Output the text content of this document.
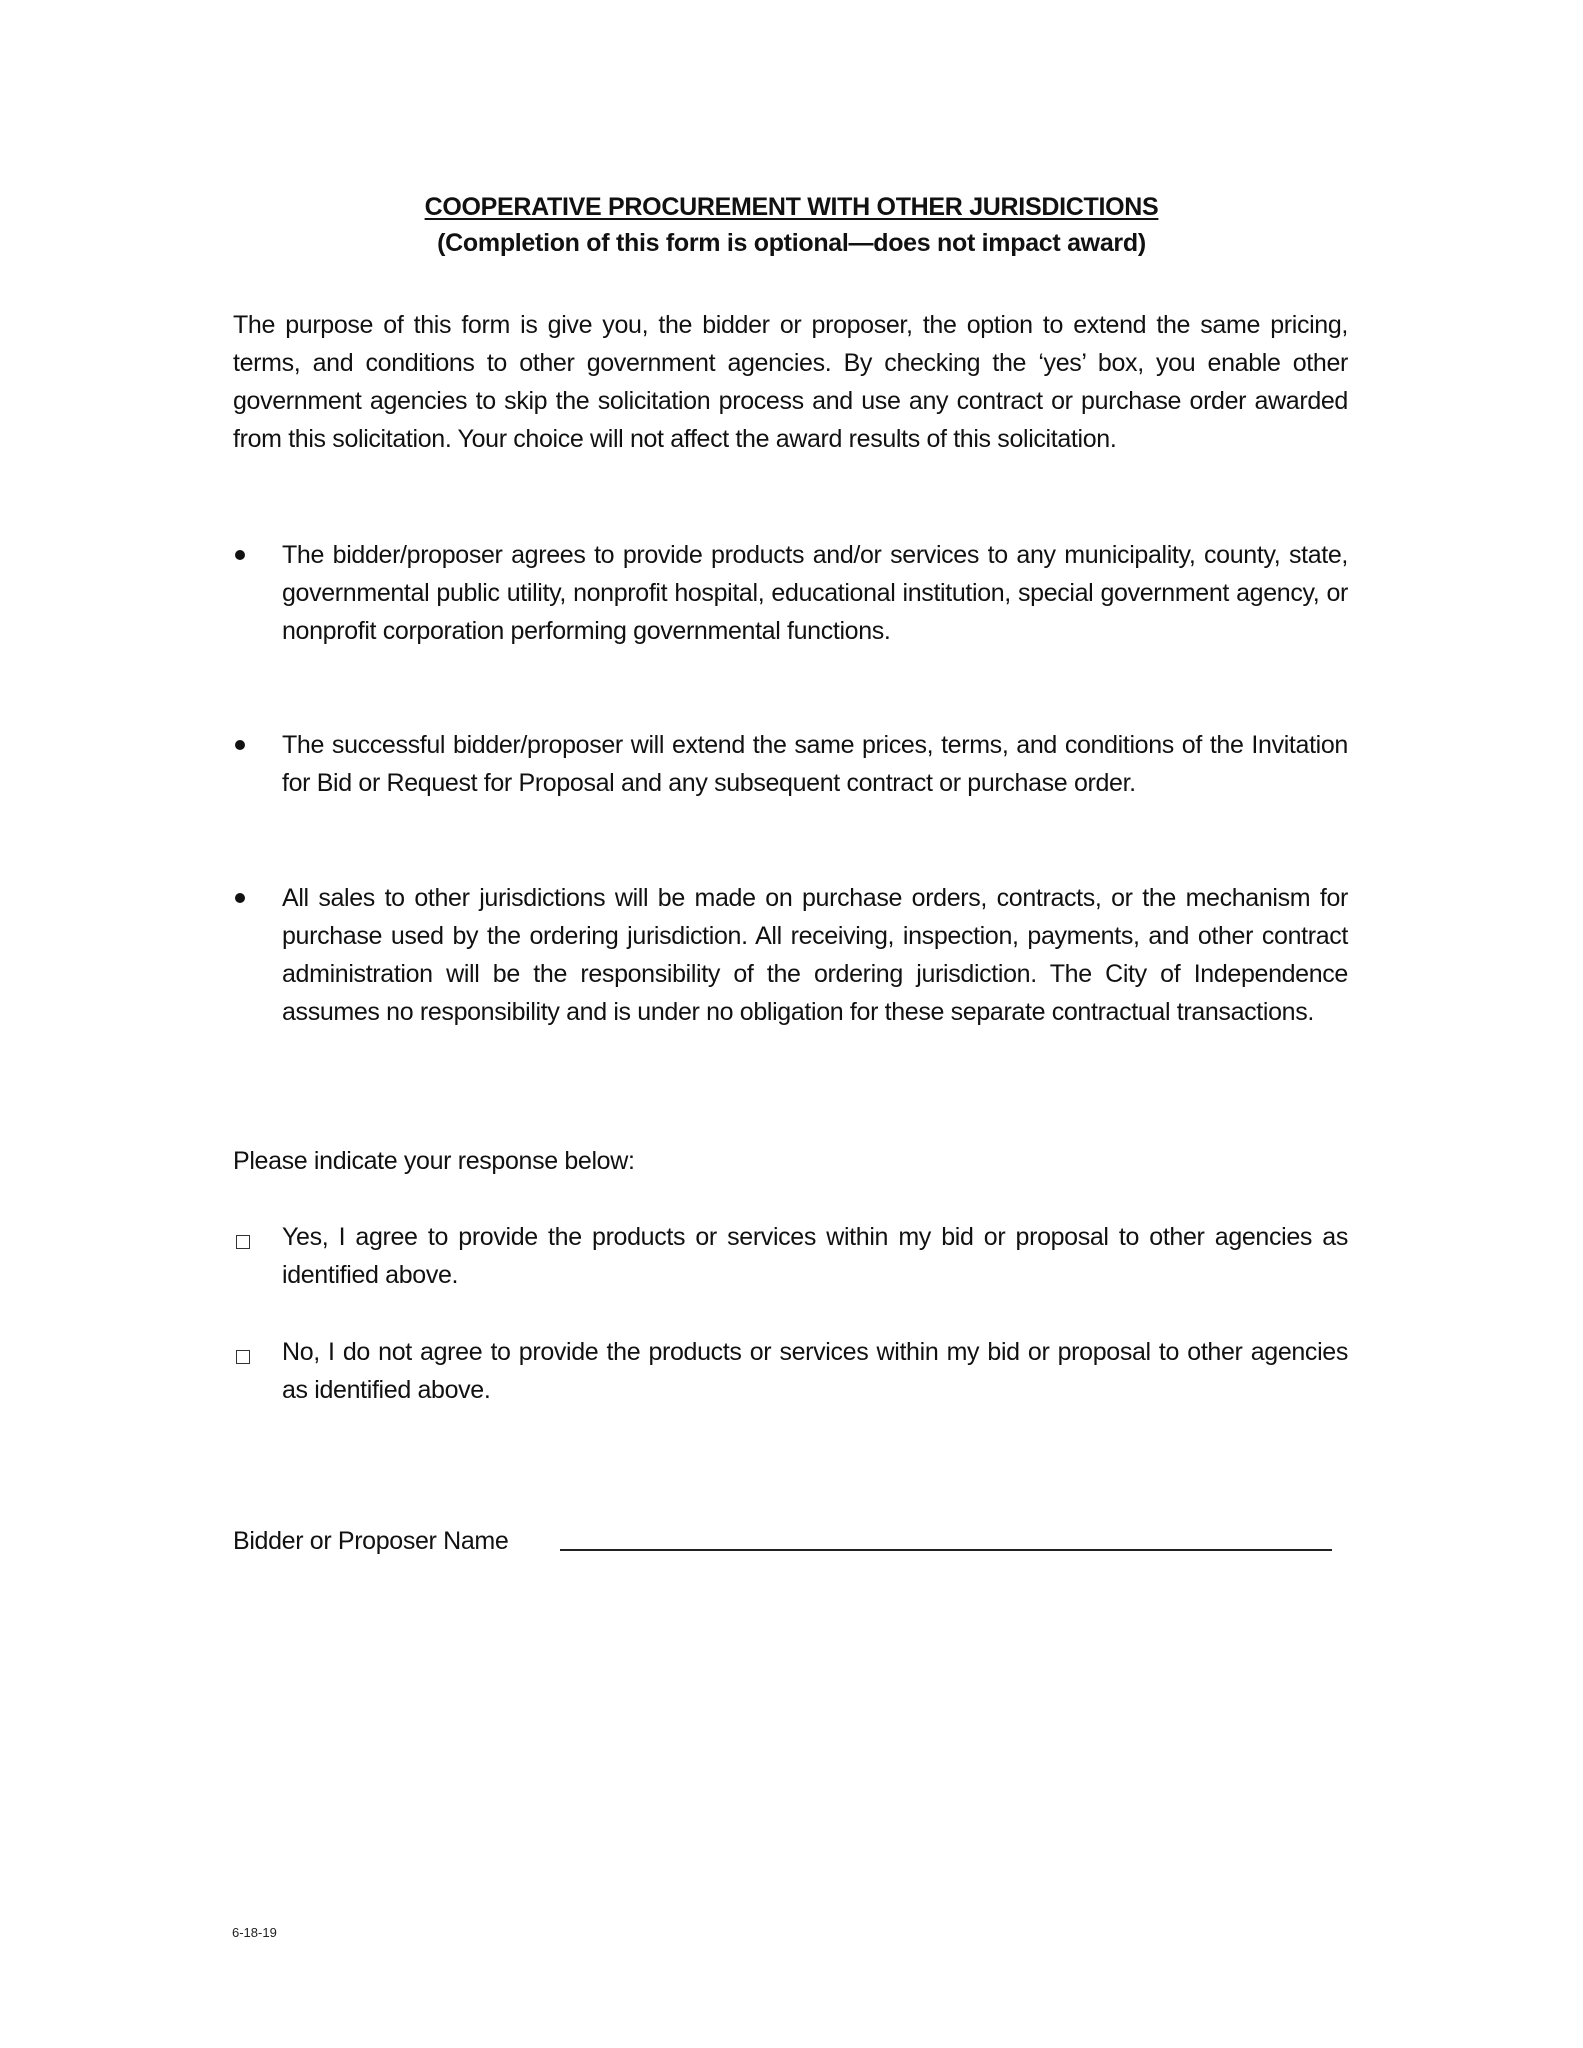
COOPERATIVE PROCUREMENT WITH OTHER JURISDICTIONS
(Completion of this form is optional—does not impact award)
The purpose of this form is give you, the bidder or proposer, the option to extend the same pricing, terms, and conditions to other government agencies. By checking the ‘yes’ box, you enable other government agencies to skip the solicitation process and use any contract or purchase order awarded from this solicitation. Your choice will not affect the award results of this solicitation.
The bidder/proposer agrees to provide products and/or services to any municipality, county, state, governmental public utility, nonprofit hospital, educational institution, special government agency, or nonprofit corporation performing governmental functions.
The successful bidder/proposer will extend the same prices, terms, and conditions of the Invitation for Bid or Request for Proposal and any subsequent contract or purchase order.
All sales to other jurisdictions will be made on purchase orders, contracts, or the mechanism for purchase used by the ordering jurisdiction. All receiving, inspection, payments, and other contract administration will be the responsibility of the ordering jurisdiction. The City of Independence assumes no responsibility and is under no obligation for these separate contractual transactions.
Please indicate your response below:
Yes, I agree to provide the products or services within my bid or proposal to other agencies as identified above.
No, I do not agree to provide the products or services within my bid or proposal to other agencies as identified above.
Bidder or Proposer Name
6-18-19
